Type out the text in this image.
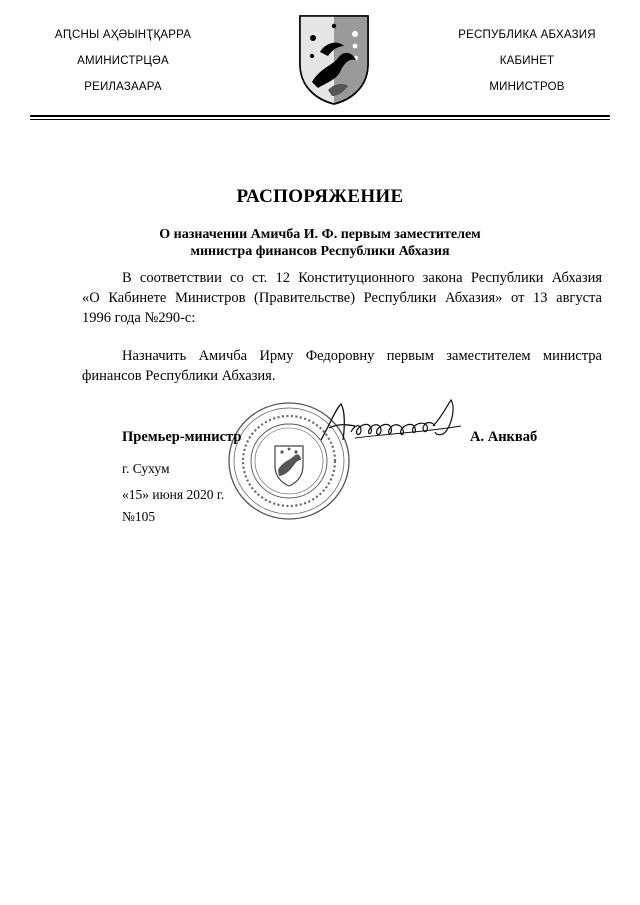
АԤСНЫ АҲӘЫНҬҚАРРА
АМИНИСТРЦӘА
РЕИЛАЗААРА
РЕСПУБЛИКА АБХАЗИЯ
КАБИНЕТ
МИНИСТРОВ
РАСПОРЯЖЕНИЕ
О назначении Амичба И. Ф. первым заместителем
министра финансов Республики Абхазия
В соответствии со ст. 12 Конституционного закона Республики Абхазия
«О Кабинете Министров (Правительстве) Республики Абхазия» от 13 августа
1996 года №290-с:
Назначить Амичба Ирму Федоровну первым заместителем министра
финансов Республики Абхазия.
Премьер-министр	А. Анкваб
г. Сухум
«15» июня 2020 г.
№105
